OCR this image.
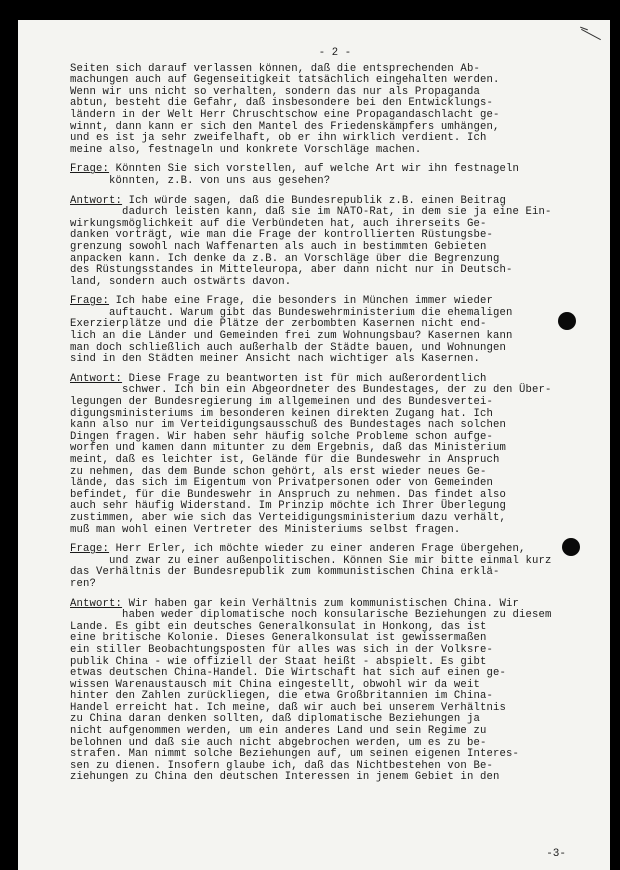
- 2 -
Seiten sich darauf verlassen können, daß die entsprechenden Ab-
machungen auch auf Gegenseitigkeit tatsächlich eingehalten werden.
Wenn wir uns nicht so verhalten, sondern das nur als Propaganda
abtun, besteht die Gefahr, daß insbesondere bei den Entwicklungs-
ländern in der Welt Herr Chruschtschow eine Propagandaschlacht ge-
winnt, dann kann er sich den Mantel des Friedenskämpfers umhängen,
und es ist ja sehr zweifelhaft, ob er ihn wirklich verdient. Ich
meine also, festnageln und konkrete Vorschläge machen.
Frage: Könnten Sie sich vorstellen, auf welche Art wir ihn festnageln
könnten, z.B. von uns aus gesehen?
Antwort: Ich würde sagen, daß die Bundesrepublik z.B. einen Beitrag
dadurch leisten kann, daß sie im NATO-Rat, in dem sie ja eine Ein-
wirkungsmöglichkeit auf die Verbündeten hat, auch ihrerseits Ge-
danken vorträgt, wie man die Frage der kontrollierten Rüstungsbe-
grenzung sowohl nach Waffenarten als auch in bestimmten Gebieten
anpacken kann. Ich denke da z.B. an Vorschläge über die Begrenzung
des Rüstungsstandes in Mitteleuropa, aber dann nicht nur in Deutsch-
land, sondern auch ostwärts davon.
Frage: Ich habe eine Frage, die besonders in München immer wieder
auftaucht. Warum gibt das Bundeswehrministerium die ehemaligen
Exerzierplätze und die Plätze der zerbombten Kasernen nicht end-
lich an die Länder und Gemeinden frei zum Wohnungsbau? Kasernen kann
man doch schließlich auch außerhalb der Städte bauen, und Wohnungen
sind in den Städten meiner Ansicht nach wichtiger als Kasernen.
Antwort: Diese Frage zu beantworten ist für mich außerordentlich
schwer. Ich bin ein Abgeordneter des Bundestages, der zu den Über-
legungen der Bundesregierung im allgemeinen und des Bundesvertei-
digungsministeriums im besonderen keinen direkten Zugang hat. Ich
kann also nur im Verteidigungsausschuß des Bundestages nach solchen
Dingen fragen. Wir haben sehr häufig solche Probleme schon aufge-
worfen und kamen dann mitunter zu dem Ergebnis, daß das Ministerium
meint, daß es leichter ist, Gelände für die Bundeswehr in Anspruch
zu nehmen, das dem Bunde schon gehört, als erst wieder neues Ge-
lände, das sich im Eigentum von Privatpersonen oder von Gemeinden
befindet, für die Bundeswehr in Anspruch zu nehmen. Das findet also
auch sehr häufig Widerstand. Im Prinzip möchte ich Ihrer Überlegung
zustimmen, aber wie sich das Verteidigungsministerium dazu verhält,
muß man wohl einen Vertreter des Ministeriums selbst fragen.
Frage: Herr Erler, ich möchte wieder zu einer anderen Frage übergehen,
und zwar zu einer außenpolitischen. Können Sie mir bitte einmal kurz
das Verhältnis der Bundesrepublik zum kommunistischen China erklä-
ren?
Antwort: Wir haben gar kein Verhältnis zum kommunistischen China. Wir
haben weder diplomatische noch konsularische Beziehungen zu diesem
Lande. Es gibt ein deutsches Generalkonsulat in Honkong, das ist
eine britische Kolonie. Dieses Generalkonsulat ist gewissermaßen
ein stiller Beobachtungsposten für alles was sich in der Volksre-
publik China - wie offiziell der Staat heißt - abspielt. Es gibt
etwas deutschen China-Handel. Die Wirtschaft hat sich auf einen ge-
wissen Warenaustausch mit China eingestellt, obwohl wir da weit
hinter den Zahlen zurückliegen, die etwa Großbritannien im China-
Handel erreicht hat. Ich meine, daß wir auch bei unserem Verhältnis
zu China daran denken sollten, daß diplomatische Beziehungen ja
nicht aufgenommen werden, um ein anderes Land und sein Regime zu
belohnen und daß sie auch nicht abgebrochen werden, um es zu be-
strafen. Man nimmt solche Beziehungen auf, um seinen eigenen Interes-
sen zu dienen. Insofern glaube ich, daß das Nichtbestehen von Be-
ziehungen zu China den deutschen Interessen in jenem Gebiet in den
-3-
